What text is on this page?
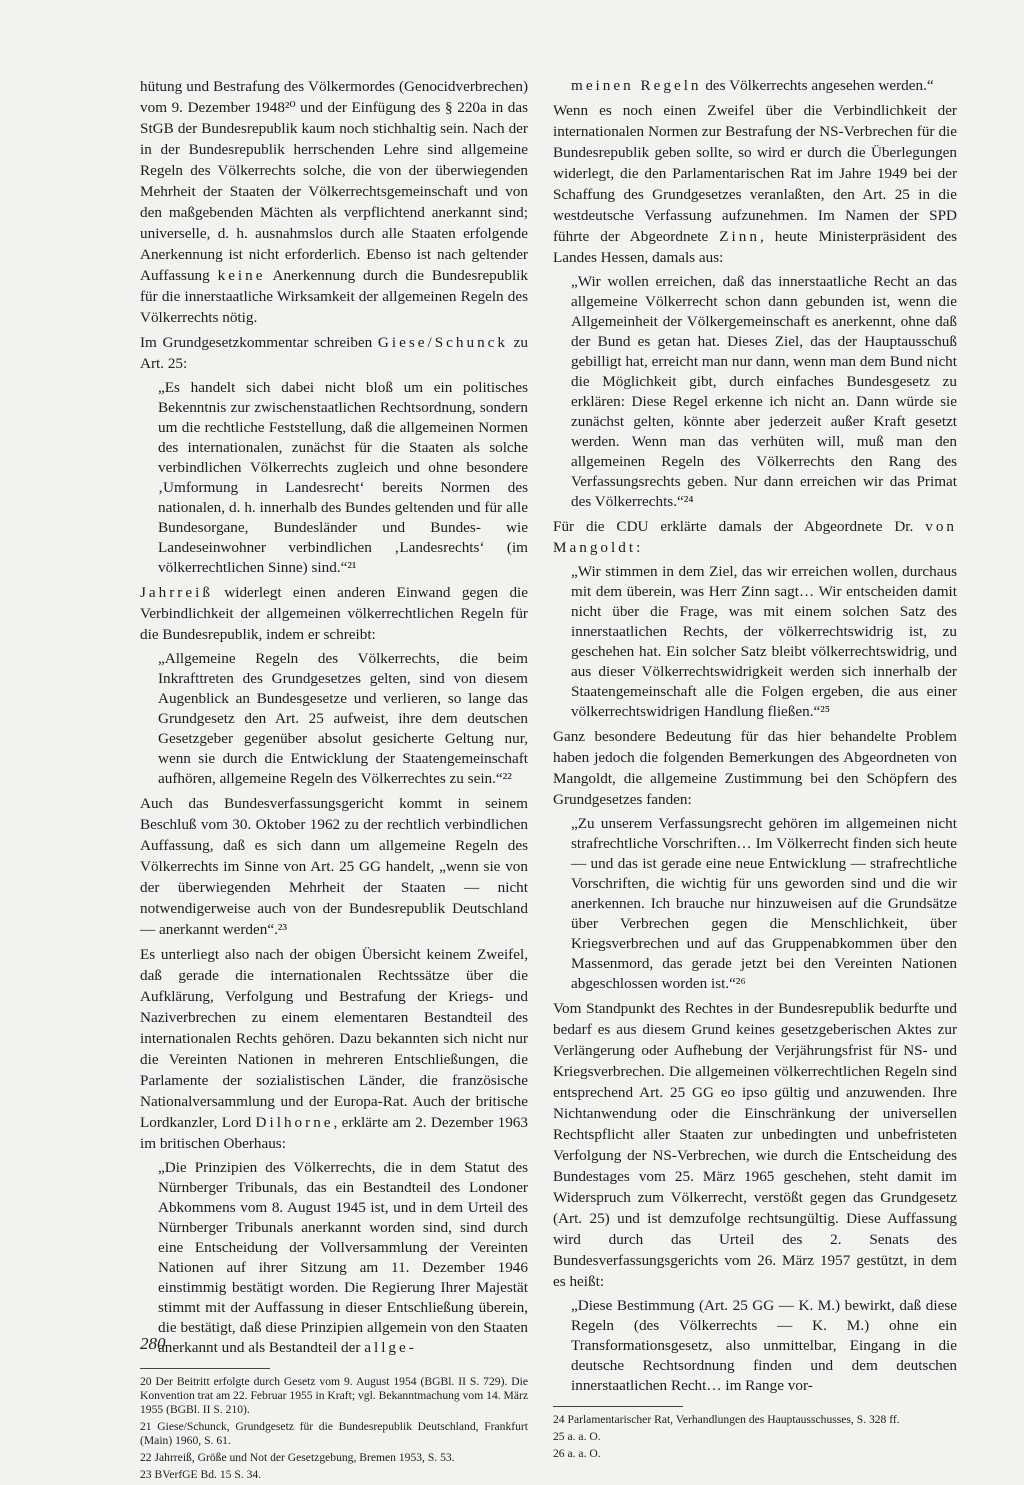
hütung und Bestrafung des Völkermordes (Genocidverbrechen) vom 9. Dezember 1948²⁰ und der Einfügung des § 220a in das StGB der Bundesrepublik kaum noch stichhaltig sein. Nach der in der Bundesrepublik herrschenden Lehre sind allgemeine Regeln des Völkerrechts solche, die von der überwiegenden Mehrheit der Staaten der Völkerrechtsgemeinschaft und von den maßgebenden Mächten als verpflichtend anerkannt sind; universelle, d. h. ausnahmslos durch alle Staaten erfolgende Anerkennung ist nicht erforderlich. Ebenso ist nach geltender Auffassung keine Anerkennung durch die Bundesrepublik für die innerstaatliche Wirksamkeit der allgemeinen Regeln des Völkerrechts nötig.

Im Grundgesetzkommentar schreiben Giese/Schunck zu Art. 25:

„Es handelt sich dabei nicht bloß um ein politisches Bekenntnis zur zwischenstaatlichen Rechtsordnung, sondern um die rechtliche Feststellung, daß die allgemeinen Normen des internationalen, zunächst für die Staaten als solche verbindlichen Völkerrechts zugleich und ohne besondere ‚Umformung in Landesrecht‘ bereits Normen des nationalen, d. h. innerhalb des Bundes geltenden und für alle Bundesorgane, Bundesländer und Bundes- wie Landeseinwohner verbindlichen ‚Landesrechts‘ (im völkerrechtlichen Sinne) sind.“²¹

Jahrreiß widerlegt einen anderen Einwand gegen die Verbindlichkeit der allgemeinen völkerrechtlichen Regeln für die Bundesrepublik, indem er schreibt:

„Allgemeine Regeln des Völkerrechts, die beim Inkrafttreten des Grundgesetzes gelten, sind von diesem Augenblick an Bundesgesetze und verlieren, so lange das Grundgesetz den Art. 25 aufweist, ihre dem deutschen Gesetzgeber gegenüber absolut gesicherte Geltung nur, wenn sie durch die Entwicklung der Staatengemeinschaft aufhören, allgemeine Regeln des Völkerrechtes zu sein.“²²

Auch das Bundesverfassungsgericht kommt in seinem Beschluß vom 30. Oktober 1962 zu der rechtlich verbindlichen Auffassung, daß es sich dann um allgemeine Regeln des Völkerrechts im Sinne von Art. 25 GG handelt, „wenn sie von der überwiegenden Mehrheit der Staaten — nicht notwendigerweise auch von der Bundesrepublik Deutschland — anerkannt werden“.²³

Es unterliegt also nach der obigen Übersicht keinem Zweifel, daß gerade die internationalen Rechtssätze über die Aufklärung, Verfolgung und Bestrafung der Kriegs- und Naziverbrechen zu einem elementaren Bestandteil des internationalen Rechts gehören. Dazu bekannten sich nicht nur die Vereinten Nationen in mehreren Entschließungen, die Parlamente der sozialistischen Länder, die französische Nationalversammlung und der Europa-Rat. Auch der britische Lordkanzler, Lord Dilhorne, erklärte am 2. Dezember 1963 im britischen Oberhaus:

„Die Prinzipien des Völkerrechts, die in dem Statut des Nürnberger Tribunals, das ein Bestandteil des Londoner Abkommens vom 8. August 1945 ist, und in dem Urteil des Nürnberger Tribunals anerkannt worden sind, sind durch eine Entscheidung der Vollversammlung der Vereinten Nationen auf ihrer Sitzung am 11. Dezember 1946 einstimmig bestätigt worden. Die Regierung Ihrer Majestät stimmt mit der Auffassung in dieser Entschließung überein, die bestätigt, daß diese Prinzipien allgemein von den Staaten anerkannt und als Bestandteil der allge-

20 Der Beitritt erfolgte durch Gesetz vom 9. August 1954 (BGBl. II S. 729). Die Konvention trat am 22. Februar 1955 in Kraft; vgl. Bekanntmachung vom 14. März 1955 (BGBl. II S. 210).

21 Giese/Schunck, Grundgesetz für die Bundesrepublik Deutschland, Frankfurt (Main) 1960, S. 61.

22 Jahrreiß, Größe und Not der Gesetzgebung, Bremen 1953, S. 53.

23 BVerfGE Bd. 15 S. 34.

meinen Regeln des Völkerrechts angesehen werden.“

Wenn es noch einen Zweifel über die Verbindlichkeit der internationalen Normen zur Bestrafung der NS-Verbrechen für die Bundesrepublik geben sollte, so wird er durch die Überlegungen widerlegt, die den Parlamentarischen Rat im Jahre 1949 bei der Schaffung des Grundgesetzes veranlaßten, den Art. 25 in die westdeutsche Verfassung aufzunehmen. Im Namen der SPD führte der Abgeordnete Zinn, heute Ministerpräsident des Landes Hessen, damals aus:

„Wir wollen erreichen, daß das innerstaatliche Recht an das allgemeine Völkerrecht schon dann gebunden ist, wenn die Allgemeinheit der Völkergemeinschaft es anerkennt, ohne daß der Bund es getan hat. Dieses Ziel, das der Hauptausschuß gebilligt hat, erreicht man nur dann, wenn man dem Bund nicht die Möglichkeit gibt, durch einfaches Bundesgesetz zu erklären: Diese Regel erkenne ich nicht an. Dann würde sie zunächst gelten, könnte aber jederzeit außer Kraft gesetzt werden. Wenn man das verhüten will, muß man den allgemeinen Regeln des Völkerrechts den Rang des Verfassungsrechts geben. Nur dann erreichen wir das Primat des Völkerrechts.“²⁴

Für die CDU erklärte damals der Abgeordnete Dr. von Mangoldt:

„Wir stimmen in dem Ziel, das wir erreichen wollen, durchaus mit dem überein, was Herr Zinn sagt… Wir entscheiden damit nicht über die Frage, was mit einem solchen Satz des innerstaatlichen Rechts, der völkerrechtswidrig ist, zu geschehen hat. Ein solcher Satz bleibt völkerrechtswidrig, und aus dieser Völkerrechtswidrigkeit werden sich innerhalb der Staatengemeinschaft alle die Folgen ergeben, die aus einer völkerrechtswidrigen Handlung fließen.“²⁵

Ganz besondere Bedeutung für das hier behandelte Problem haben jedoch die folgenden Bemerkungen des Abgeordneten von Mangoldt, die allgemeine Zustimmung bei den Schöpfern des Grundgesetzes fanden:

„Zu unserem Verfassungsrecht gehören im allgemeinen nicht strafrechtliche Vorschriften… Im Völkerrecht finden sich heute — und das ist gerade eine neue Entwicklung — strafrechtliche Vorschriften, die wichtig für uns geworden sind und die wir anerkennen. Ich brauche nur hinzuweisen auf die Grundsätze über Verbrechen gegen die Menschlichkeit, über Kriegsverbrechen und auf das Gruppenabkommen über den Massenmord, das gerade jetzt bei den Vereinten Nationen abgeschlossen worden ist.“²⁶

Vom Standpunkt des Rechtes in der Bundesrepublik bedurfte und bedarf es aus diesem Grund keines gesetzgeberischen Aktes zur Verlängerung oder Aufhebung der Verjährungsfrist für NS- und Kriegsverbrechen. Die allgemeinen völkerrechtlichen Regeln sind entsprechend Art. 25 GG eo ipso gültig und anzuwenden. Ihre Nichtanwendung oder die Einschränkung der universellen Rechtspflicht aller Staaten zur unbedingten und unbefristeten Verfolgung der NS-Verbrechen, wie durch die Entscheidung des Bundestages vom 25. März 1965 geschehen, steht damit im Widerspruch zum Völkerrecht, verstößt gegen das Grundgesetz (Art. 25) und ist demzufolge rechtsungültig. Diese Auffassung wird durch das Urteil des 2. Senats des Bundesverfassungsgerichts vom 26. März 1957 gestützt, in dem es heißt:

„Diese Bestimmung (Art. 25 GG — K. M.) bewirkt, daß diese Regeln (des Völkerrechts — K. M.) ohne ein Transformationsgesetz, also unmittelbar, Eingang in die deutsche Rechtsordnung finden und dem deutschen innerstaatlichen Recht… im Range vor-

24 Parlamentarischer Rat, Verhandlungen des Hauptausschusses, S. 328 ff.

25 a. a. O.

26 a. a. O.

280
